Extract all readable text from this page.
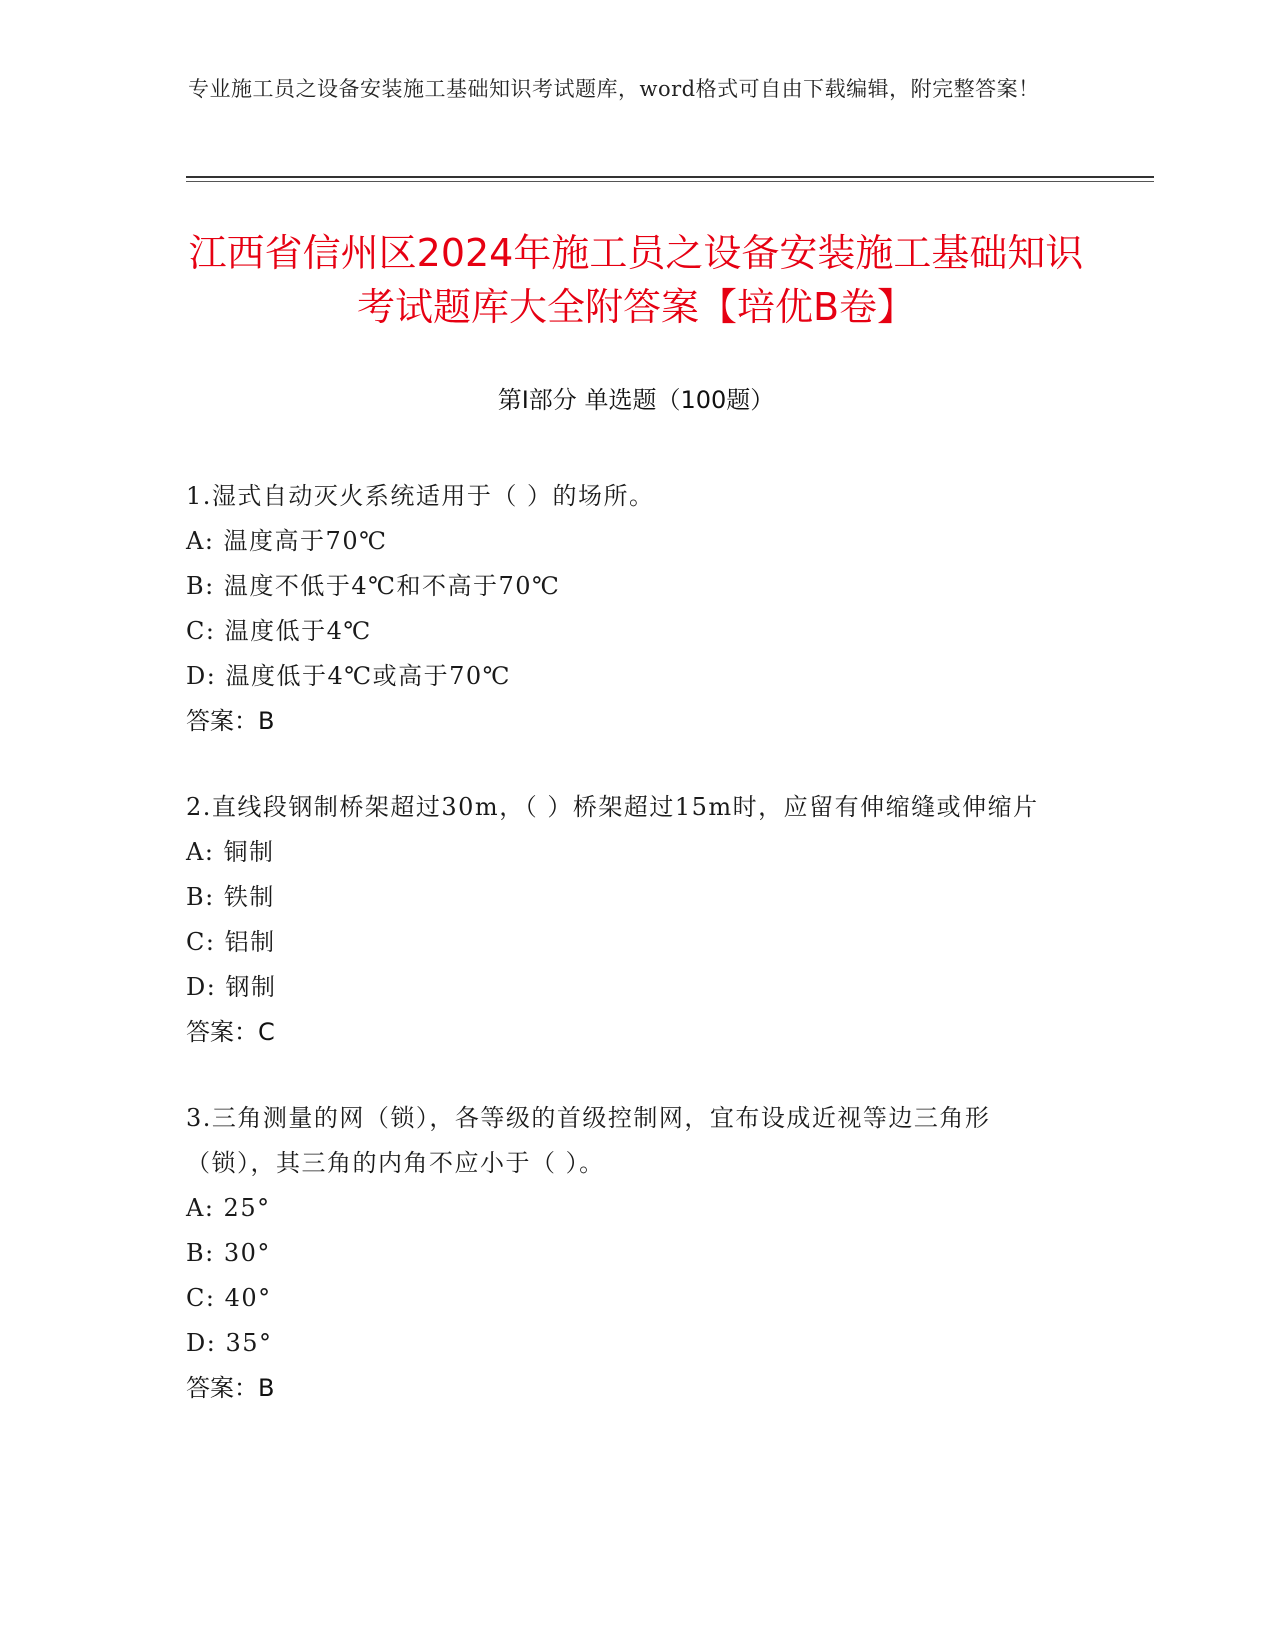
专业施工员之设备安装施工基础知识考试题库，word格式可自由下载编辑，附完整答案！

江西省信州区2024年施工员之设备安装施工基础知识考试题库大全附答案【培优B卷】
第I部分 单选题（100题）

1.湿式自动灭火系统适用于（ ）的场所。

A: 温度高于70℃

B: 温度不低于4℃和不高于70℃

C: 温度低于4℃

D: 温度低于4℃或高于70℃

答案：B

2.直线段钢制桥架超过30m，（ ）桥架超过15m时，应留有伸缩缝或伸缩片

A: 铜制

B: 铁制

C: 铝制

D: 钢制

答案：C

3.三角测量的网（锁），各等级的首级控制网，宜布设成近视等边三角形（锁），其三角的内角不应小于（ ）。

A: 25°

B: 30°

C: 40°

D: 35°

答案：B
